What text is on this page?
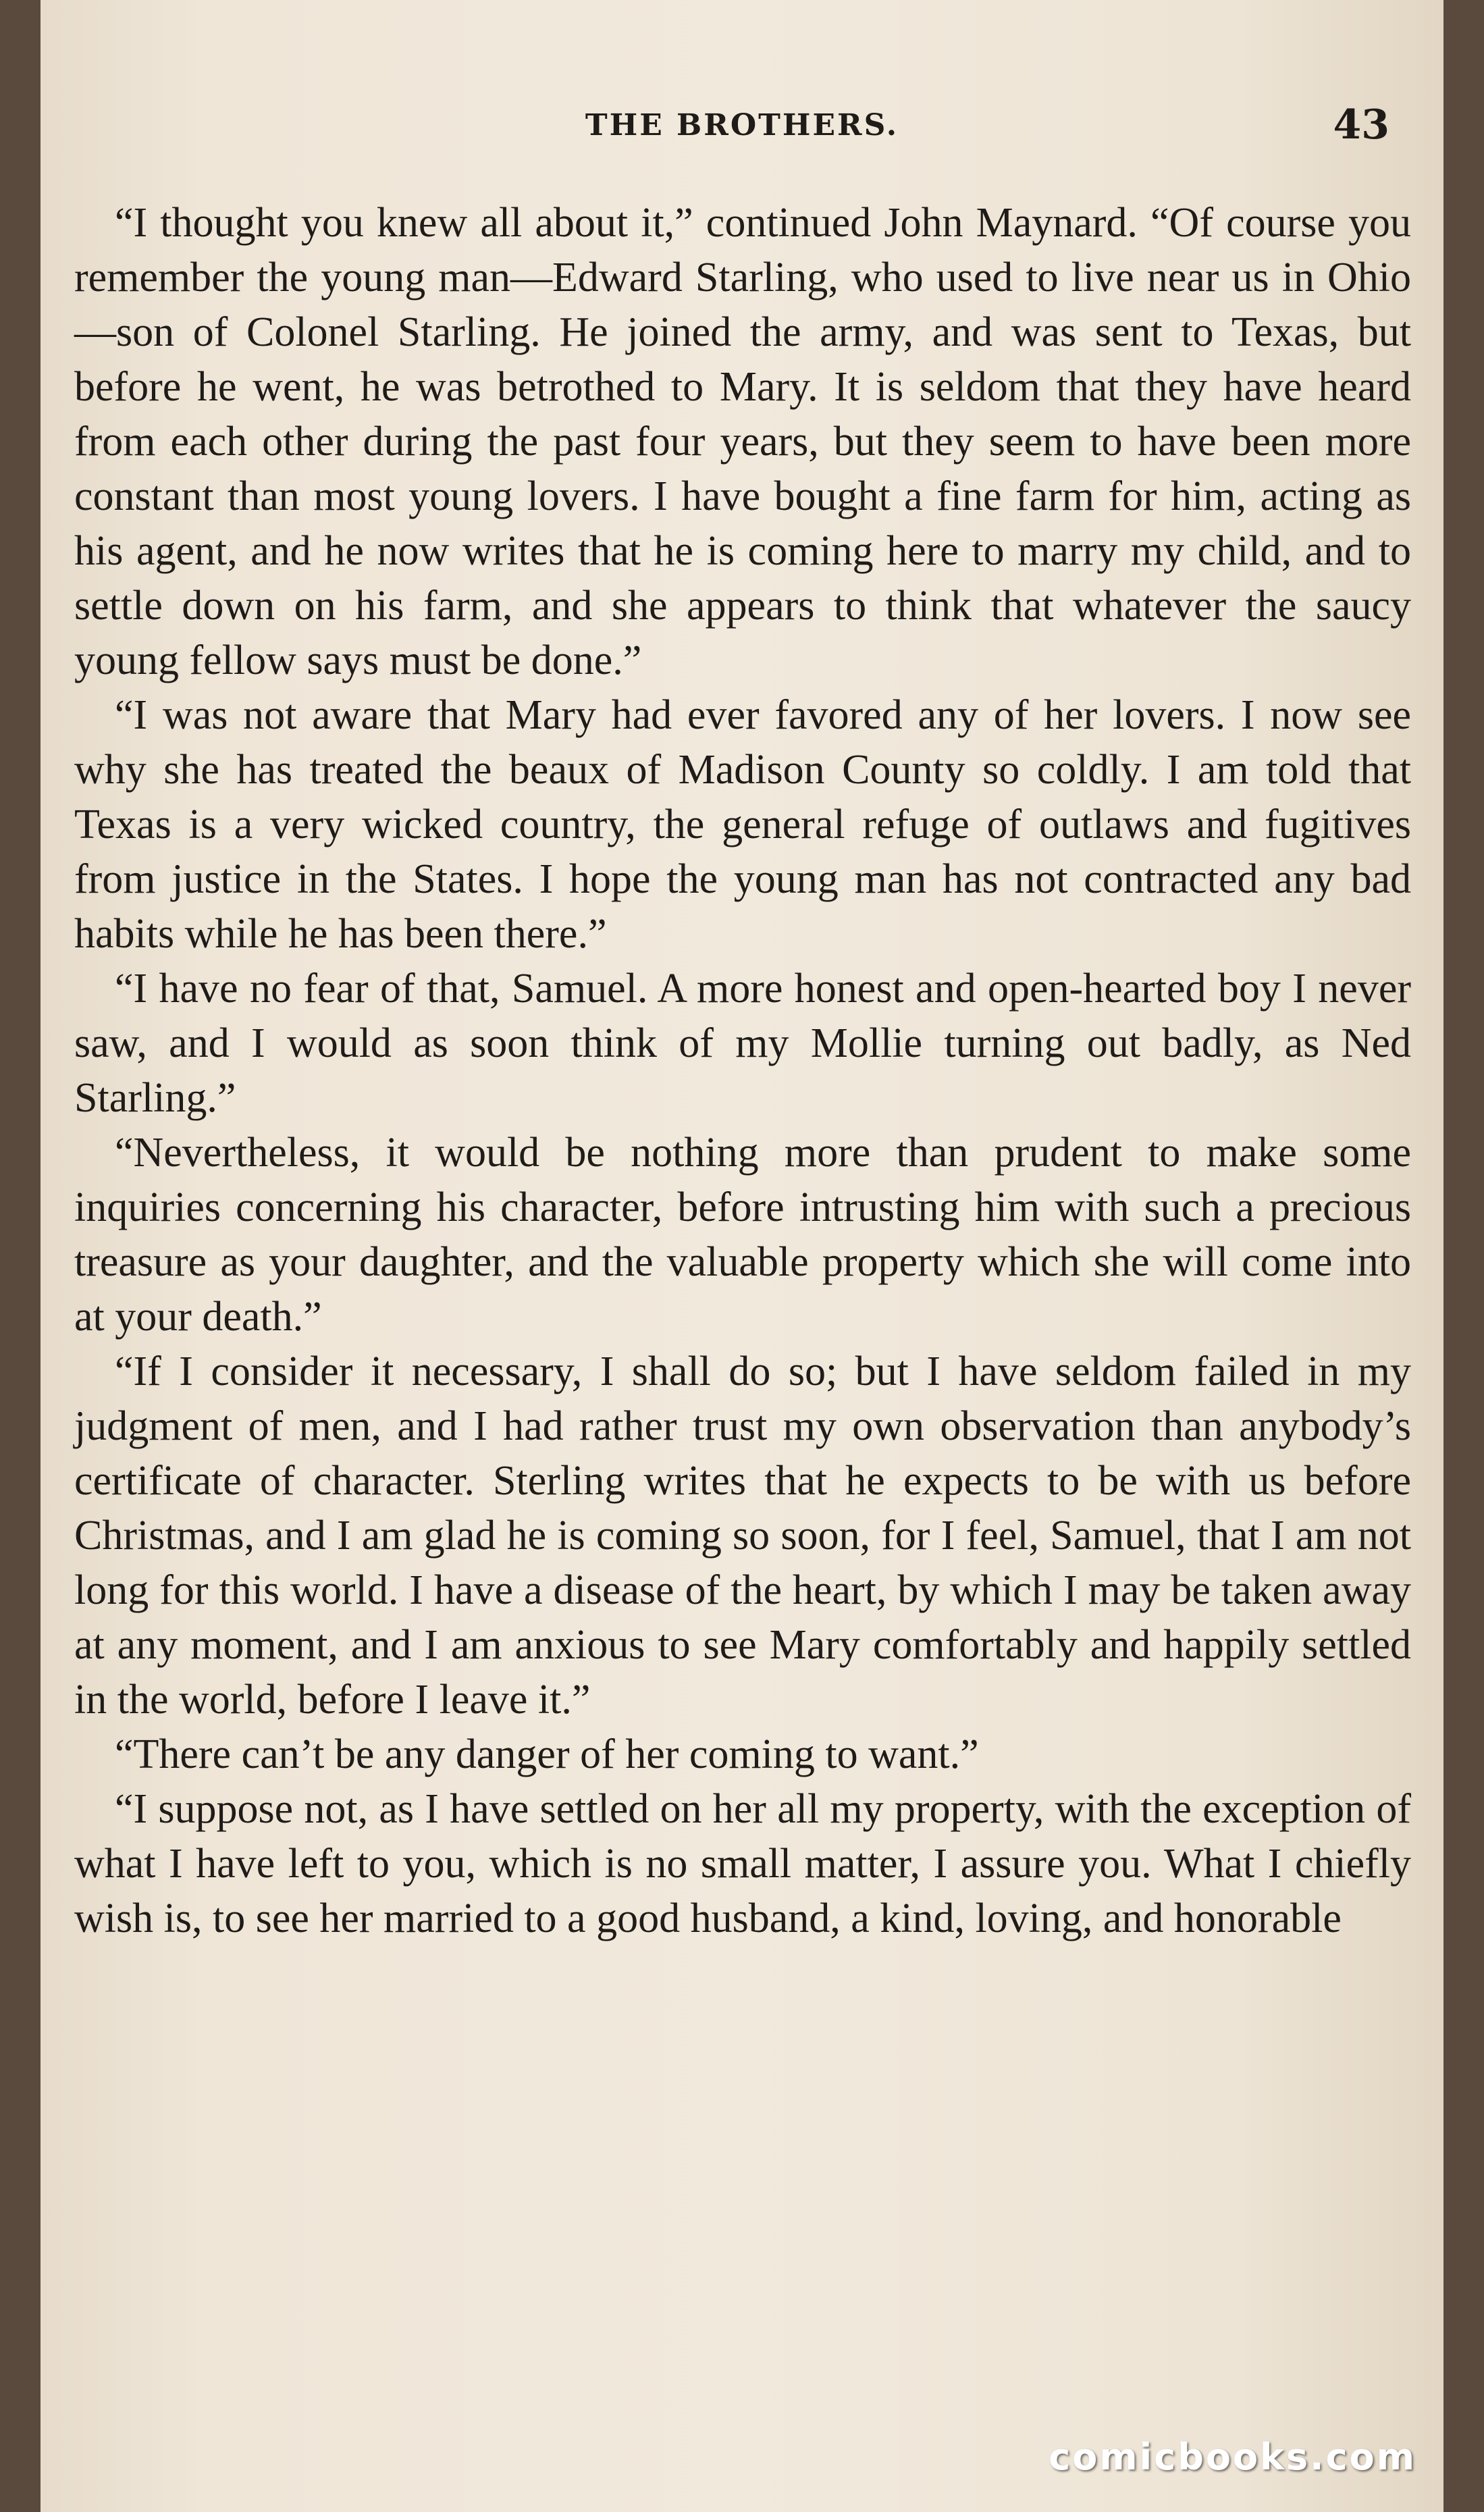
THE BROTHERS.	43

“I thought you knew all about it,” continued John Maynard. “Of course you remember the young man—Edward Starling, who used to live near us in Ohio—son of Colonel Starling. He joined the army, and was sent to Texas, but before he went, he was betrothed to Mary. It is seldom that they have heard from each other during the past four years, but they seem to have been more constant than most young lovers. I have bought a fine farm for him, acting as his agent, and he now writes that he is coming here to marry my child, and to settle down on his farm, and she appears to think that whatever the saucy young fellow says must be done.”

“I was not aware that Mary had ever favored any of her lovers. I now see why she has treated the beaux of Madison County so coldly. I am told that Texas is a very wicked country, the general refuge of outlaws and fugitives from justice in the States. I hope the young man has not contracted any bad habits while he has been there.”

“I have no fear of that, Samuel. A more honest and open-hearted boy I never saw, and I would as soon think of my Mollie turning out badly, as Ned Starling.”

“Nevertheless, it would be nothing more than prudent to make some inquiries concerning his character, before intrusting him with such a precious treasure as your daughter, and the valuable property which she will come into at your death.”

“If I consider it necessary, I shall do so; but I have seldom failed in my judgment of men, and I had rather trust my own observation than anybody’s certificate of character. Sterling writes that he expects to be with us before Christmas, and I am glad he is coming so soon, for I feel, Samuel, that I am not long for this world. I have a disease of the heart, by which I may be taken away at any moment, and I am anxious to see Mary comfortably and happily settled in the world, before I leave it.”

“There can’t be any danger of her coming to want.”

“I suppose not, as I have settled on her all my property, with the exception of what I have left to you, which is no small matter, I assure you. What I chiefly wish is, to see her married to a good husband, a kind, loving, and honorable

comicbooks.com
